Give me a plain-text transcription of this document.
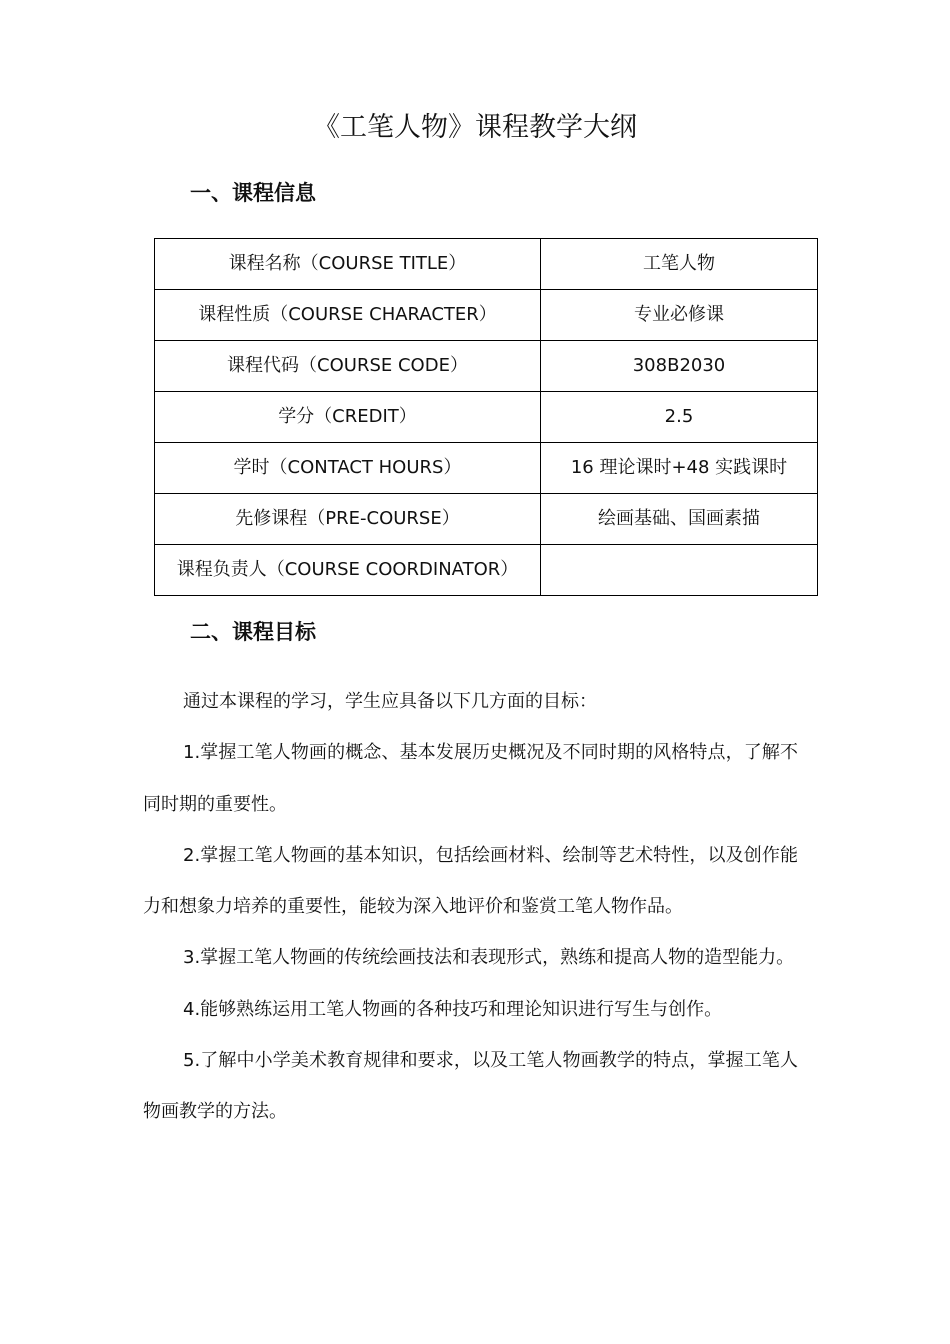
《工笔人物》课程教学大纲
一、课程信息
课程名称（COURSE TITLE）	工笔人物
课程性质（COURSE CHARACTER）	专业必修课
课程代码（COURSE CODE）	308B2030
学分（CREDIT）	2.5
学时（CONTACT HOURS）	16 理论课时+48 实践课时
先修课程（PRE-COURSE）	绘画基础、国画素描
课程负责人（COURSE COORDINATOR）	
二、课程目标

通过本课程的学习，学生应具备以下几方面的目标：

1.掌握工笔人物画的概念、基本发展历史概况及不同时期的风格特点，了解不同时期的重要性。

2.掌握工笔人物画的基本知识，包括绘画材料、绘制等艺术特性，以及创作能力和想象力培养的重要性，能较为深入地评价和鉴赏工笔人物作品。

3.掌握工笔人物画的传统绘画技法和表现形式，熟练和提高人物的造型能力。

4.能够熟练运用工笔人物画的各种技巧和理论知识进行写生与创作。

5.了解中小学美术教育规律和要求，以及工笔人物画教学的特点，掌握工笔人物画教学的方法。
